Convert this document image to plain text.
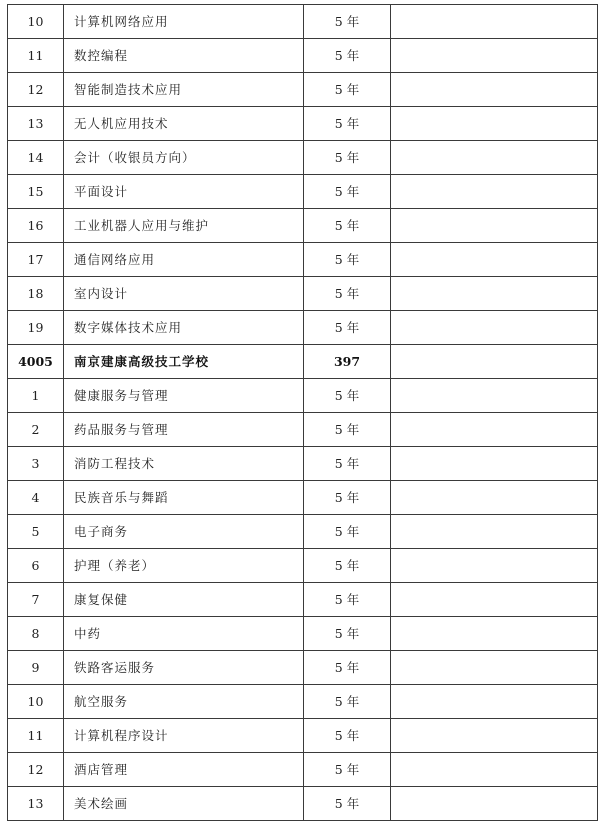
10	计算机网络应用	5 年	
11	数控编程	5 年	
12	智能制造技术应用	5 年	
13	无人机应用技术	5 年	
14	会计（收银员方向）	5 年	
15	平面设计	5 年	
16	工业机器人应用与维护	5 年	
17	通信网络应用	5 年	
18	室内设计	5 年	
19	数字媒体技术应用	5 年	
4005	南京建康高级技工学校	397	
1	健康服务与管理	5 年	
2	药品服务与管理	5 年	
3	消防工程技术	5 年	
4	民族音乐与舞蹈	5 年	
5	电子商务	5 年	
6	护理（养老）	5 年	
7	康复保健	5 年	
8	中药	5 年	
9	铁路客运服务	5 年	
10	航空服务	5 年	
11	计算机程序设计	5 年	
12	酒店管理	5 年	
13	美术绘画	5 年	
